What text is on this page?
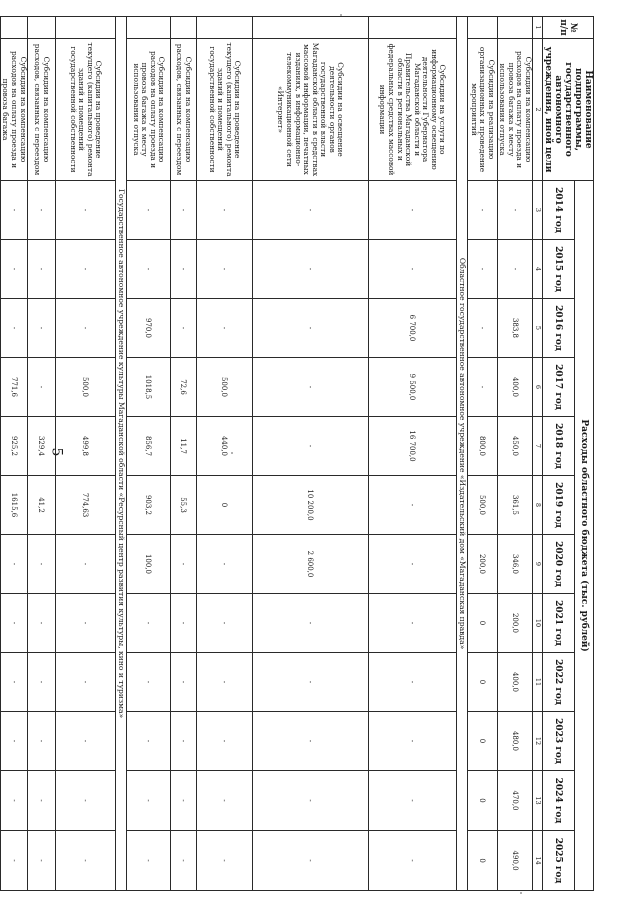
5
№ п/п	Наименование подпрограммы, государственного автономного учреждения, иной цели	Расходы областного бюджета (тыс. рублей)											
		2014 год	2015 год	2016 год	2017 год	2018 год	2019 год	2020 год	2021 год	2022 год	2023 год	2024 год	2025 год
1	2	3	4	5	6	7	8	9	10	11	12	13	14
	Субсидии на компенсацию расходов на оплату проезда и провоза багажа к месту использования отпуска	-	-	383,8	400,0	450,0	361,5	346,0	200,0	400,0	480,0	470,0	490,0
	Субсидии на реализацию организационных и проведение мероприятий	-	-	-	-	800,0	500,0	200,0	0	0	0	0	0
Областное государственное автономное учреждение «Издательский дом «Магаданская правда»													
	Субсидии на услуги по информационному освещению деятельности Губернатора Магаданской области и Правительства Магаданской области в региональных и федеральных средствах массовой информации	-	-	6 700,0	9 500,0	16 700,0	-	-	-	-	-	-	-
	Субсидии на освещение деятельности органов государственной власти Магаданской области в средствах массовой информации, печатных изданиях, в информационно-телекоммуникационной сети «Интернет»	-	-	-	-	-	10 200,0	2 600,0	-	-	-	-	-
	Субсидии на проведение текущего (капитального) ремонта зданий и помещений государственной собственности	-	-	-	500,0	440,0	0	-	-	-	-	-	-
	Субсидии на компенсацию расходов, связанных с переездом	-	-	-	72,6	11,7	55,3	-	-	-	-	-	-
	Субсидии на компенсацию расходов на оплату проезда и провоза багажа к месту использования отпуска	-	-	970,0	1018,5	856,7	903,2	100,0	-	-	-	-	-
Государственное автономное учреждение культуры Магаданской области «Ресурсный центр развития культуры, кино и туризма»													
	Субсидии на проведение текущего (капитального) ремонта зданий и помещений государственной собственности	-	-	-	500,0	499,8	774,63	-	-	-	-	-	-
	Субсидии на компенсацию расходов, связанных с переездом	-	-	-	-	329,4	41,2	-	-	-	-	-	-
	Субсидии на компенсацию расходов на оплату проезда и провоза багажа	-	-	-	771,6	925,2	1615,6	-	-	-	-	-	-
